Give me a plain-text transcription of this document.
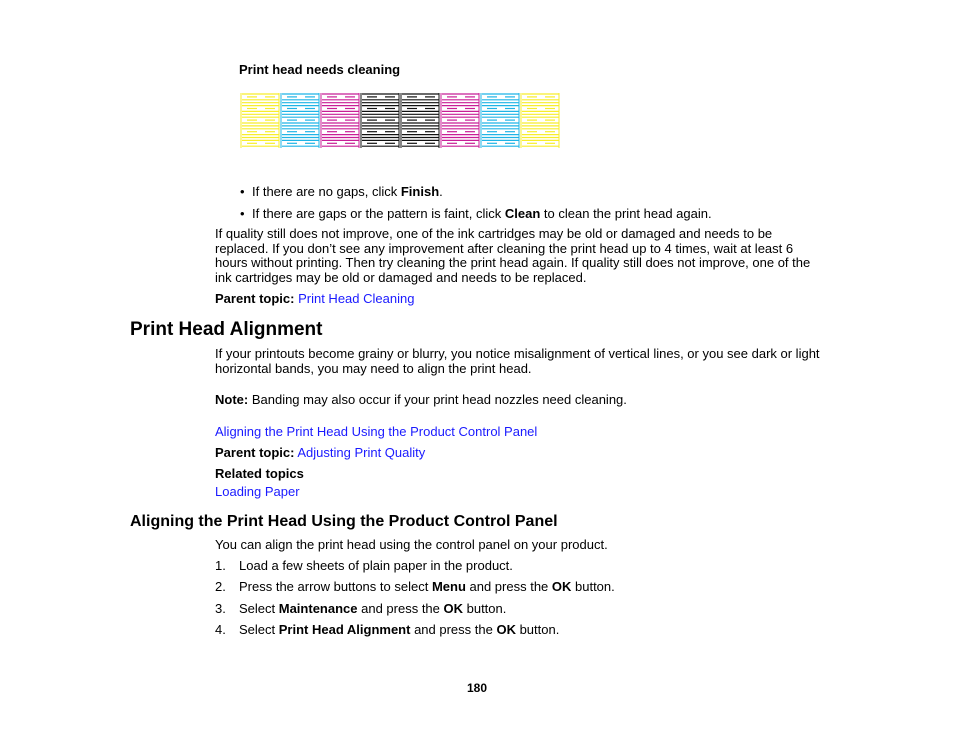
Print head needs cleaning
• If there are no gaps, click Finish.
• If there are gaps or the pattern is faint, click Clean to clean the print head again.
If quality still does not improve, one of the ink cartridges may be old or damaged and needs to be replaced. If you don’t see any improvement after cleaning the print head up to 4 times, wait at least 6 hours without printing. Then try cleaning the print head again. If quality still does not improve, one of the ink cartridges may be old or damaged and needs to be replaced.
Parent topic: Print Head Cleaning
Print Head Alignment
If your printouts become grainy or blurry, you notice misalignment of vertical lines, or you see dark or light horizontal bands, you may need to align the print head.
Note: Banding may also occur if your print head nozzles need cleaning.
Aligning the Print Head Using the Product Control Panel
Parent topic: Adjusting Print Quality
Related topics
Loading Paper
Aligning the Print Head Using the Product Control Panel
You can align the print head using the control panel on your product.
1. Load a few sheets of plain paper in the product.
2. Press the arrow buttons to select Menu and press the OK button.
3. Select Maintenance and press the OK button.
4. Select Print Head Alignment and press the OK button.
180
